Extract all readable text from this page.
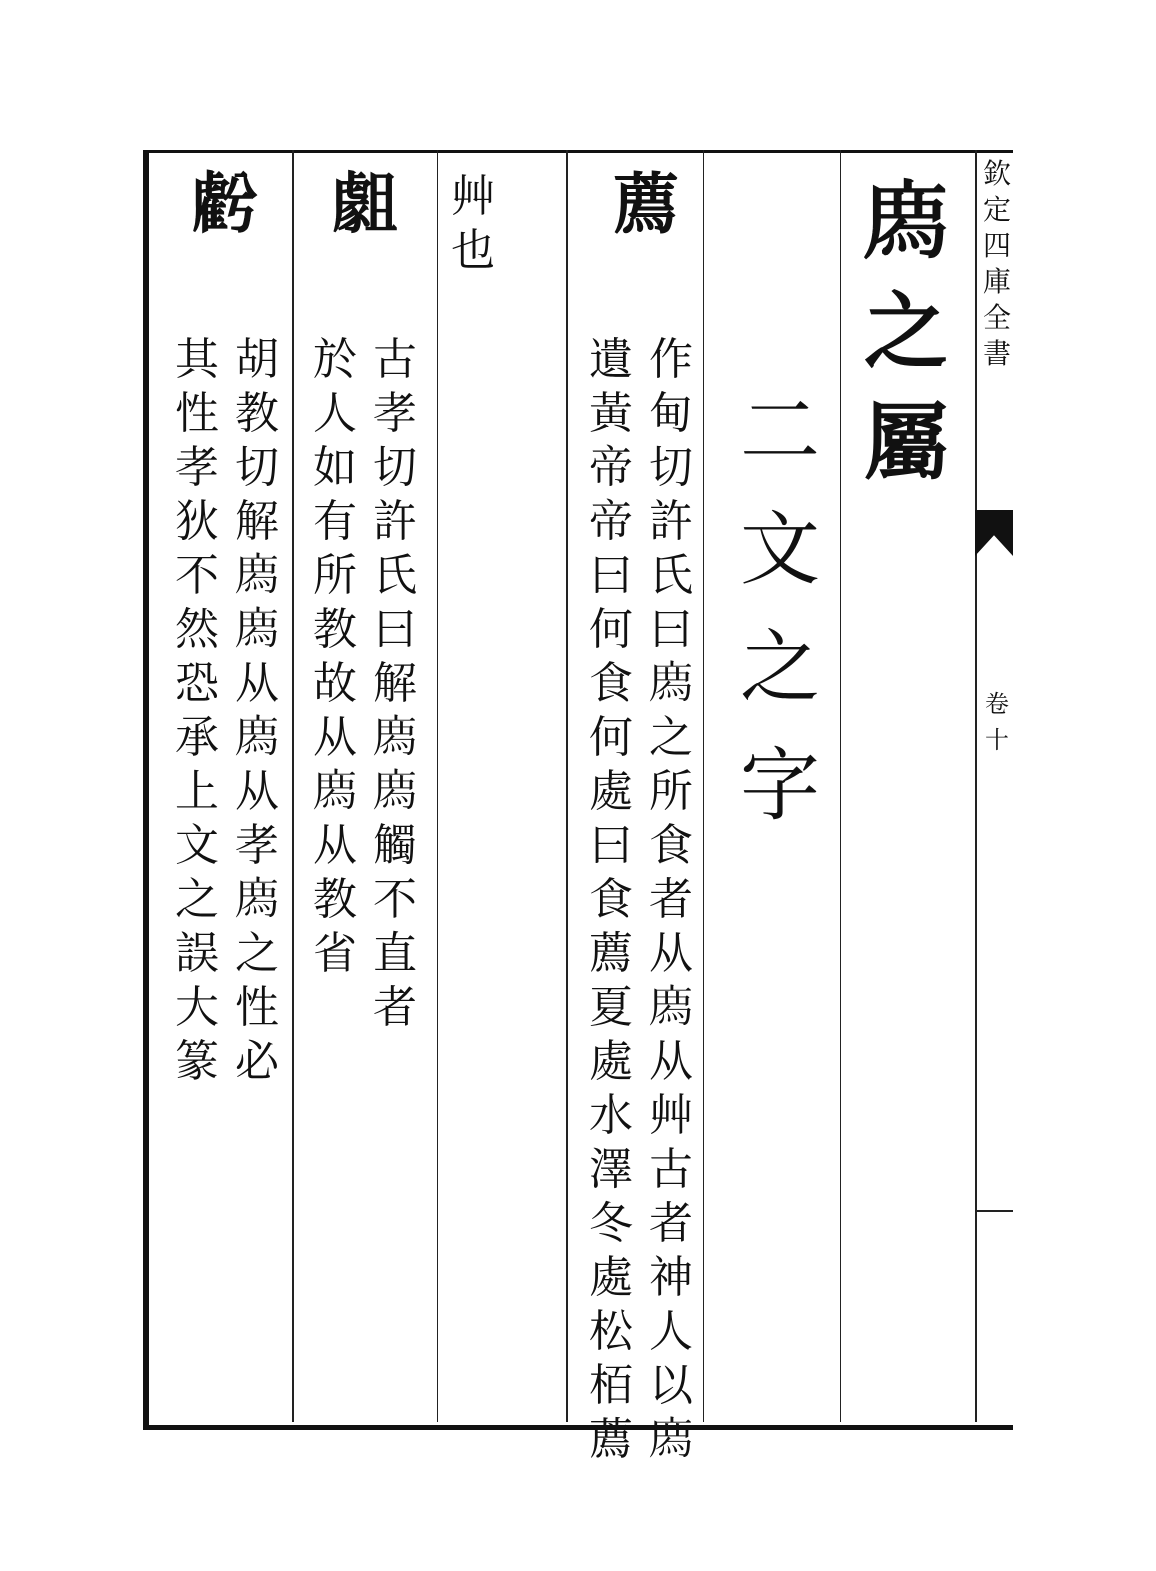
欽
定
四
庫
全
書
卷
十
𢊁
之
屬
二
文
之
字
薦
作
甸
切
許
氏
曰
𢊁
之
所
食
者
从
𢊁
从
艸
古
者
神
人
以
𢊁
遺
黃
帝
帝
曰
何
食
何
處
曰
食
薦
夏
處
水
澤
冬
處
松
栢
薦
艸
也
𧇿
古
孝
切
許
氏
曰
解
𢊁
𢊁
觸
不
直
者
於
人
如
有
所
教
故
从
𢊁
从
教
省
𧇾
胡
教
切
解
𢊁
𢊁
从
𢊁
从
孝
𢊁
之
性
必
其
性
孝
狄
不
然
恐
承
上
文
之
誤
大
篆
